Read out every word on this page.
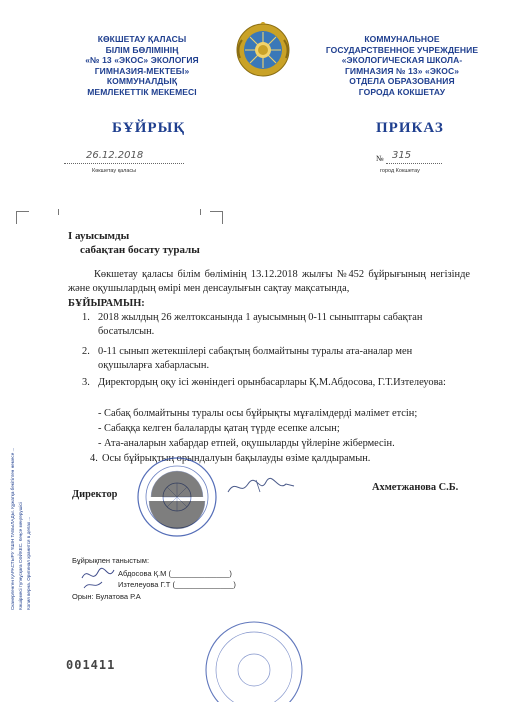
КӨКШЕТАУ ҚАЛАСЫ
БІЛІМ БӨЛІМІНІҢ
«№ 13 «ЭКОС» ЭКОЛОГИЯ
ГИМНАЗИЯ-МЕКТЕБІ»
КОММУНАЛДЫҚ
МЕМЛЕКЕТТІК МЕКЕМЕСІ
КОММУНАЛЬНОЕ
ГОСУДАРСТВЕННОЕ УЧРЕЖДЕНИЕ
«ЭКОЛОГИЧЕСКАЯ ШКОЛА-
ГИМНАЗИЯ № 13» «ЭКОС»
ОТДЕЛА ОБРАЗОВАНИЯ
ГОРОДА КОКШЕТАУ
БҰЙРЫҚ	ПРИКАЗ
26.12.2018
Көкшетау қаласы
№ 315
город Кокшетау
I ауысымды
сабақтан босату туралы
Көкшетау қаласы білім бөлімінің 13.12.2018 жылғы №452 бұйрығының негізінде және оқушылардың өмірі мен денсаулығын сақтау мақсатында,
БҰЙЫРАМЫН:
1. 2018 жылдың 26 желтоксанында 1 ауысымның 0-11 сыныптары сабақтан босатылсын.
2. 0-11 сынып жетекшілері сабақтың болмайтыны туралы ата-аналар мен оқушыларға хабарласын.
3. Директордың оқу ісі жөніндегі орынбасарлары Қ.М.Абдосова, Г.Т.Изтелеуова:
- Сабақ болмайтыны туралы осы бұйрықты мұғалімдерді мәлімет етсін;
- Сабаққа келген балаларды қатаң түрде есепке алсын;
- Ата-аналарын хабардар етпей, оқушыларды үйлеріне жібермесін.
4. Осы бұйрықтың орындалуын бақылауды өзіме қалдырамын.
Директор
Ахметжанова С.Б.
Бұйрықпен таныстым:
Абдосова Қ.М (______________)
Изтелеуова Г.Т (______________)
Орын: Булатова Р.А
001411
Сканерленген ҚАРАСТЫРУ ҮШІН ТАБЫЛАДЫ. Құжатқа бекітілген немесе ... Көшірмесі түпнұсқаға СӘЙКЕС. Кеңсе меңгерушісі Копия верна. Оригинал хранится в делах ...
